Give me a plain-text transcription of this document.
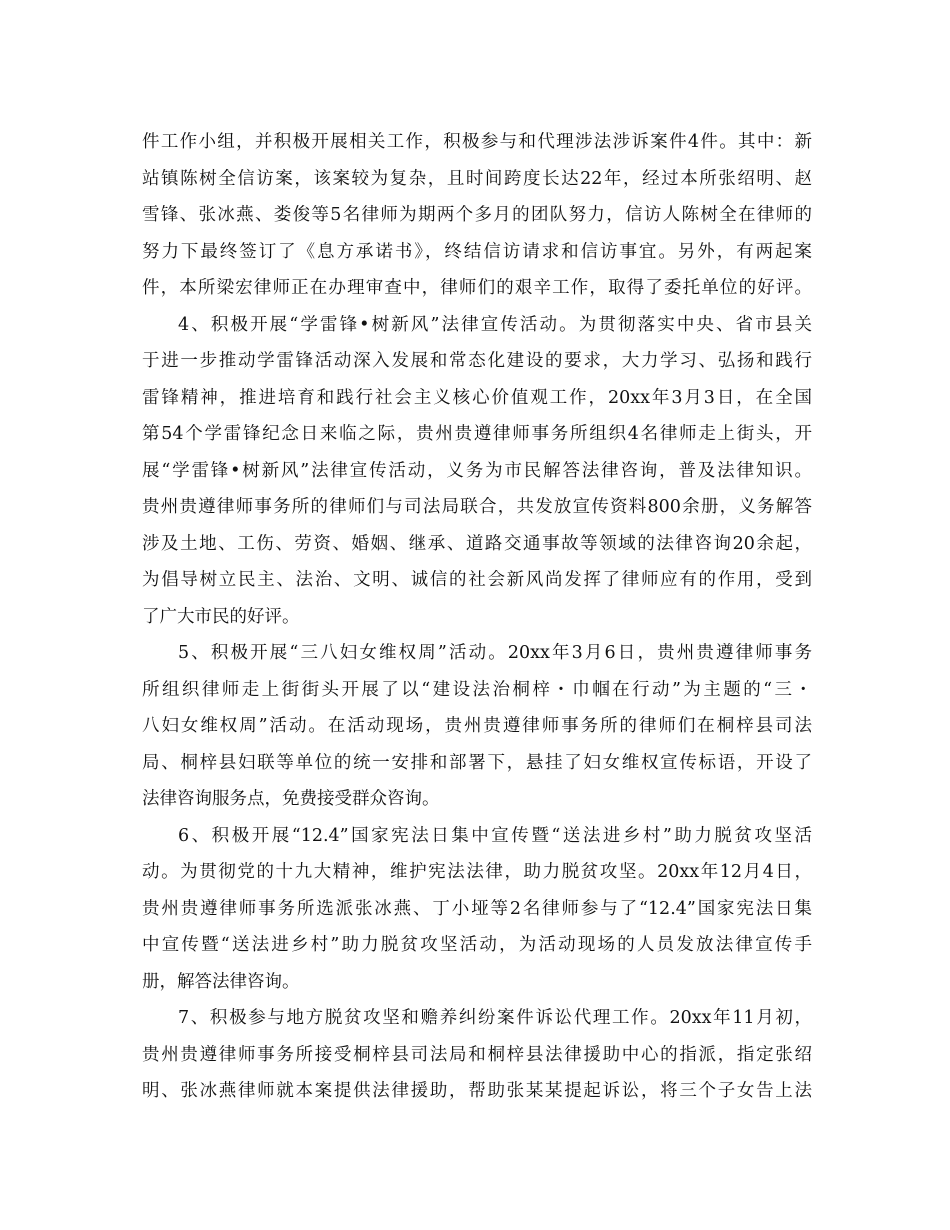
件工作小组，并积极开展相关工作，积极参与和代理涉法涉诉案件4件。其中：新
站镇陈树全信访案，该案较为复杂，且时间跨度长达22年，经过本所张绍明、赵
雪锋、张冰燕、娄俊等5名律师为期两个多月的团队努力，信访人陈树全在律师的
努力下最终签订了《息方承诺书》，终结信访请求和信访事宜。另外，有两起案
件，本所梁宏律师正在办理审查中，律师们的艰辛工作，取得了委托单位的好评。
4、积极开展“学雷锋•树新风”法律宣传活动。为贯彻落实中央、省市县关
于进一步推动学雷锋活动深入发展和常态化建设的要求，大力学习、弘扬和践行
雷锋精神，推进培育和践行社会主义核心价值观工作，20xx年3月3日，在全国
第54个学雷锋纪念日来临之际，贵州贵遵律师事务所组织4名律师走上街头，开
展“学雷锋•树新风”法律宣传活动，义务为市民解答法律咨询，普及法律知识。
贵州贵遵律师事务所的律师们与司法局联合，共发放宣传资料800余册，义务解答
涉及土地、工伤、劳资、婚姻、继承、道路交通事故等领域的法律咨询20余起，
为倡导树立民主、法治、文明、诚信的社会新风尚发挥了律师应有的作用，受到
了广大市民的好评。
5、积极开展“三八妇女维权周”活动。20xx年3月6日，贵州贵遵律师事务
所组织律师走上街街头开展了以“建设法治桐梓・巾帼在行动”为主题的“三・
八妇女维权周”活动。在活动现场，贵州贵遵律师事务所的律师们在桐梓县司法
局、桐梓县妇联等单位的统一安排和部署下，悬挂了妇女维权宣传标语，开设了
法律咨询服务点，免费接受群众咨询。
6、积极开展“12.4”国家宪法日集中宣传暨“送法进乡村”助力脱贫攻坚活
动。为贯彻党的十九大精神，维护宪法法律，助力脱贫攻坚。20xx年12月4日，
贵州贵遵律师事务所选派张冰燕、丁小垭等2名律师参与了“12.4”国家宪法日集
中宣传暨“送法进乡村”助力脱贫攻坚活动，为活动现场的人员发放法律宣传手
册，解答法律咨询。
7、积极参与地方脱贫攻坚和赡养纠纷案件诉讼代理工作。20xx年11月初，
贵州贵遵律师事务所接受桐梓县司法局和桐梓县法律援助中心的指派，指定张绍
明、张冰燕律师就本案提供法律援助，帮助张某某提起诉讼，将三个子女告上法
